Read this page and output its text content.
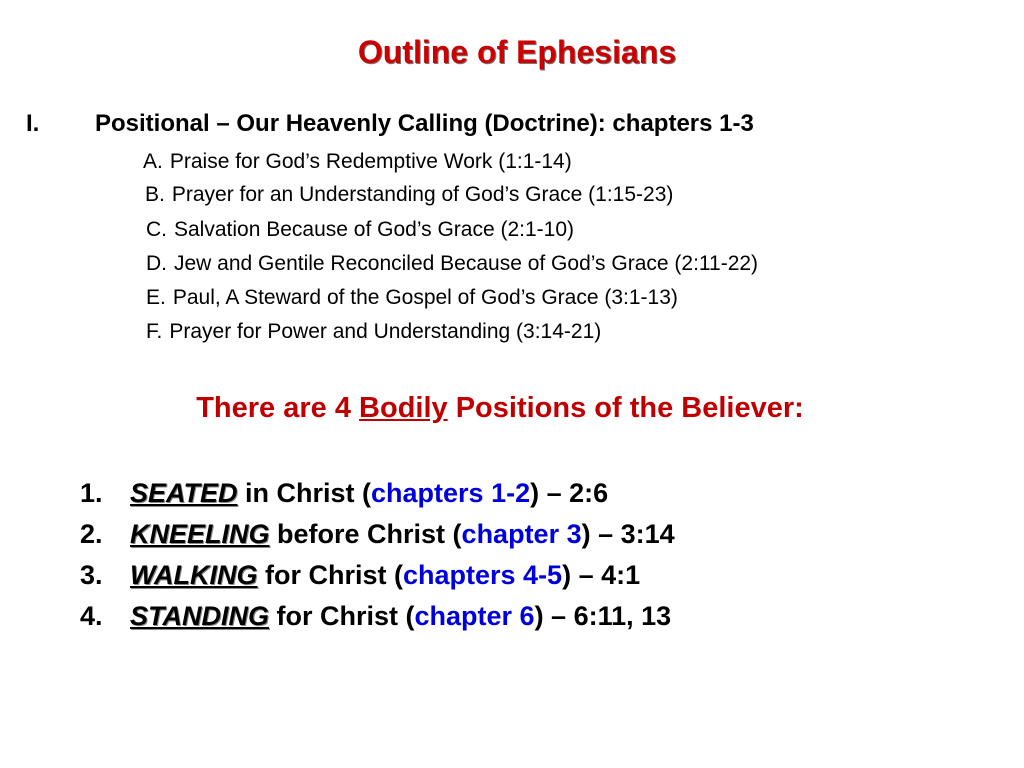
Outline of Ephesians
I. Positional – Our Heavenly Calling (Doctrine): chapters 1-3
A. Praise for God’s Redemptive Work (1:1-14)
B. Prayer for an Understanding of God’s Grace (1:15-23)
C. Salvation Because of God’s Grace (2:1-10)
D. Jew and Gentile Reconciled Because of God’s Grace (2:11-22)
E. Paul, A Steward of the Gospel of God’s Grace (3:1-13)
F. Prayer for Power and Understanding (3:14-21)
There are 4 Bodily Positions of the Believer:
1. SEATED in Christ (chapters 1-2) – 2:6
2. KNEELING before Christ (chapter 3) – 3:14
3. WALKING for Christ (chapters 4-5) – 4:1
4. STANDING for Christ (chapter 6) – 6:11, 13
